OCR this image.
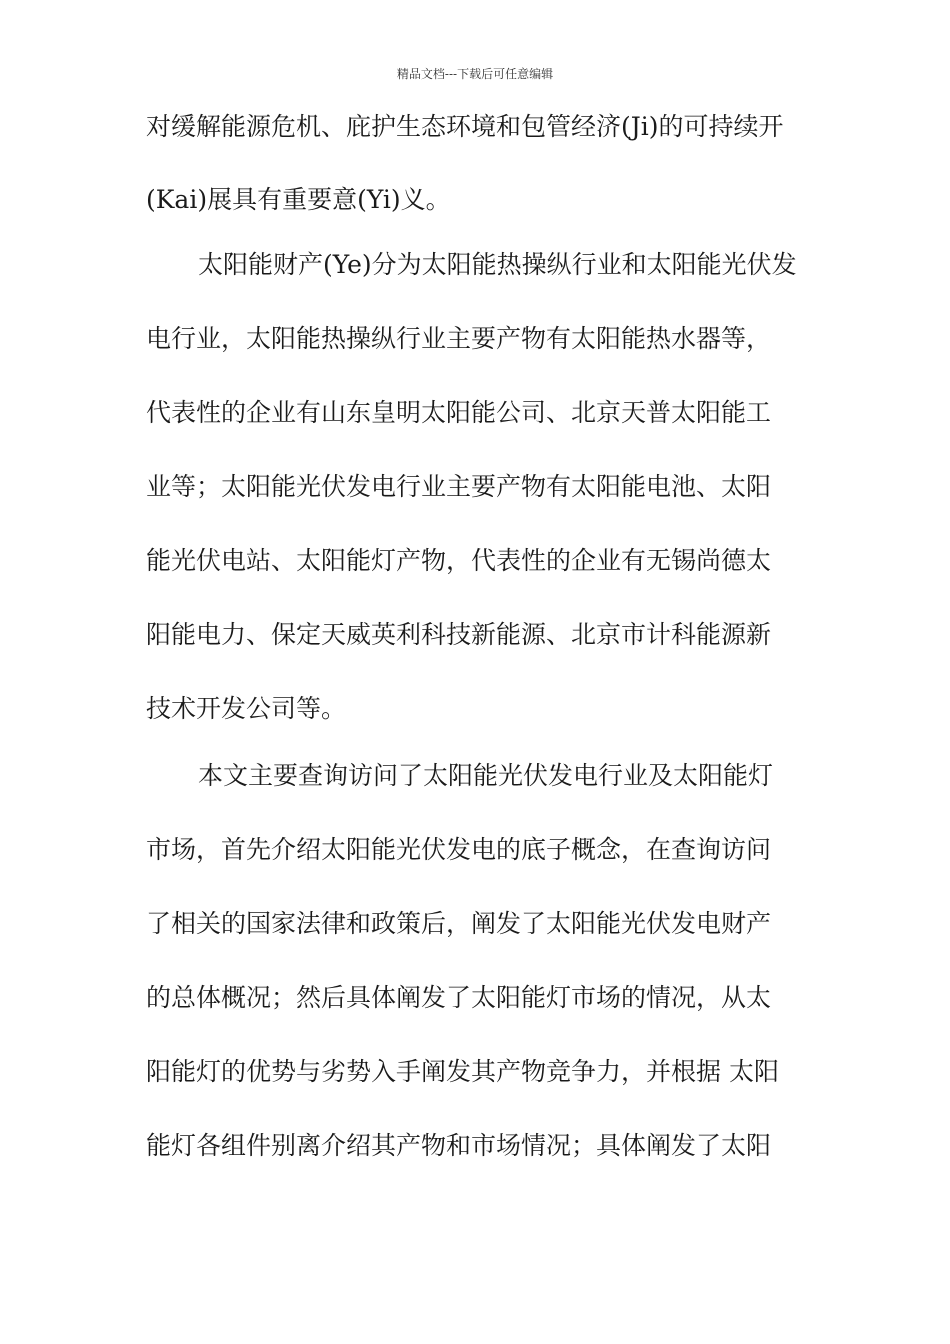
精品文档---下载后可任意编辑
对缓解能源危机、庇护生态环境和包管经济(Ji)的可持续开
(Kai)展具有重要意(Yi)义。
太阳能财产(Ye)分为太阳能热操纵行业和太阳能光伏发
电行业，太阳能热操纵行业主要产物有太阳能热水器等，
代表性的企业有山东皇明太阳能公司、北京天普太阳能工
业等；太阳能光伏发电行业主要产物有太阳能电池、太阳
能光伏电站、太阳能灯产物，代表性的企业有无锡尚德太
阳能电力、保定天威英利科技新能源、北京市计科能源新
技术开发公司等。
本文主要查询访问了太阳能光伏发电行业及太阳能灯
市场，首先介绍太阳能光伏发电的底子概念，在查询访问
了相关的国家法律和政策后，阐发了太阳能光伏发电财产
的总体概况；然后具体阐发了太阳能灯市场的情况，从太
阳能灯的优势与劣势入手阐发其产物竞争力，并根据 太阳
能灯各组件别离介绍其产物和市场情况；具体阐发了太阳
